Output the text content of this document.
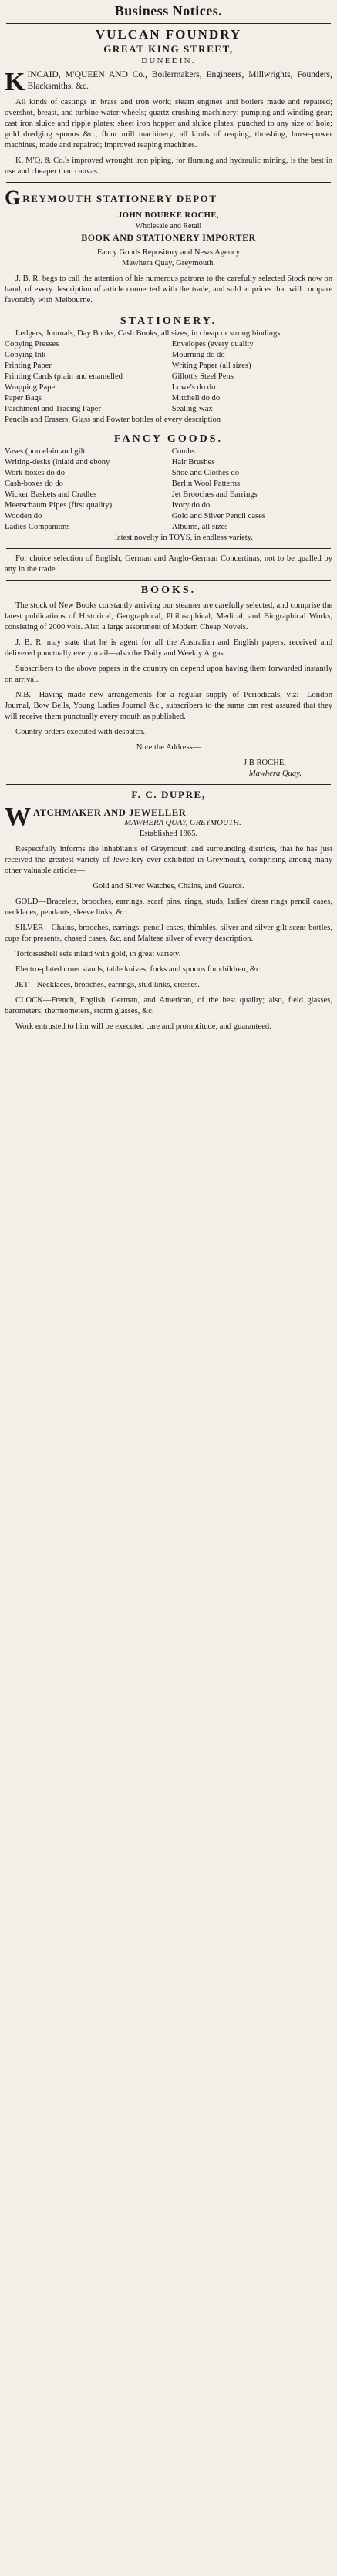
Business Notices.
VULCAN FOUNDRY
GREAT KING STREET,
DUNEDIN.
K INCAID, M'QUEEN AND Co., Boilermakers, Engineers, Millwrights, Founders, Blacksmiths, &c.

All kinds of castings in brass and iron work; steam engines and boilers made and repaired; overshot, breast, and turbine water wheels; quartz crushing machinery; pumping and winding gear; cast iron sluice and ripple plates; sheet iron hopper and sluice plates, punched to any size of hole; gold dredging spoons &c.; flour mill machinery; all kinds of reaping, thrashing, horse-power machines, made and repaired; improved reaping machines.

K. M'Q. & Co.'s improved wrought iron piping, for fluming and hydraulic mining, is the best in use and cheaper than canvas.

G REYMOUTH STATIONERY DEPOT
JOHN BOURKE ROCHE,
Wholesale and Retail
BOOK AND STATIONERY IMPORTER
Fancy Goods Repository and News Agency
Mawhera Quay, Greymouth.

J. B. R. begs to call the attention of his numerous patrons to the carefully selected Stock now on hand, of every description of article connected with the trade, and sold at prices that will compare favorably with Melbourne.

STATIONERY.

Ledgers, Journals, Day Books, Cash Books, all sizes, in cheap or strong bindings.

Copying Presses
Copying Ink
Printing Paper
Printing Cards (plain and enamelled
Wrapping Paper
Paper Bags
Parchment and Tracing Paper
Envelopes (every quality
Mourning do do
Writing Paper (all sizes)
Gillott's Steel Pens
Lowe's do do
Mitchell do do
Sealing-wax

Pencils and Erasers, Glass and Powter bottles of every description

FANCY GOODS.
Vases (porcelain and gilt
Writing-desks (inlaid and ebony
Work-boxes do do
Cash-boxes do do
Wicker Baskets and Cradles
Meerschaum Pipes (first quality)
Wooden do
Ladies Companions
Combs
Hair Brushes
Shoe and Clothes do
Berlin Wool Patterns
Jet Brooches and Earrings
Ivory do do
Gold and Silver Pencil cases
Albums, all sizes
latest novelty in TOYS, in endless variety.

For choice selection of English, German and Anglo-German Concertinas, not to be qualled by any in the trade.

BOOKS.

The stock of New Books constantly arriving our steamer are carefully selected, and comprise the latest publications of Historical, Geographical, Philosophical, Medical, and Biographical Works, consisting of 2000 vols. Also a large assortment of Modern Cheap Novels.

J. B. R. may state that he is agent for all the Australian and English papers, received and delivered punctually every mail—also the Daily and Weekly Argas.

Subscribers to the above papers in the country on depend upon having them forwarded instantly on arrival.

N.B.—Having made new arrangements for a regular supply of Periodicals, viz:—London Journal, Bow Bells, Young Ladies Journal &c., subscribers to the same can rest assured that they will receive them punctually every mouth as published.

Country orders executed with despatch.

Note the Address—
J B ROCHE,
Mawhera Quay.
F. C. DUPRE,
W ATCHMAKER AND JEWELLER
MAWHERA QUAY, GREYMOUTH.
Established 1865.

Respectfully informs the inhabitants of Greymouth and surrounding districts, that he has just received the greatest variety of Jewellery ever exhibited in Greymouth, comprising among many other valuable articles—

Gold and Silver Watches, Chains, and Guards.

GOLD—Bracelets, brooches, earrings, scarf pins, rings, studs, ladies' dress rings pencil cases, necklaces, pendants, sleeve links, &c.

SILVER—Chains, brooches, earrings, pencil cases, thimbles, silver and silver-gilt scent bottles, cups for presents, chased cases, &c, and Maltese silver of every description.

Tortoiseshell sets inlaid with gold, in great variety.

Electro-plated cruet stands, table knives, forks and spoons for children, &c.

JET—Necklaces, brooches, earrings, stud links, crosses.

CLOCK—French, English, German, and American, of the best quality; also, field glasses, barometers, thermometers, storm glasses, &c.

Work entrusted to him will be executed care and promptitude, and guaranteed.
